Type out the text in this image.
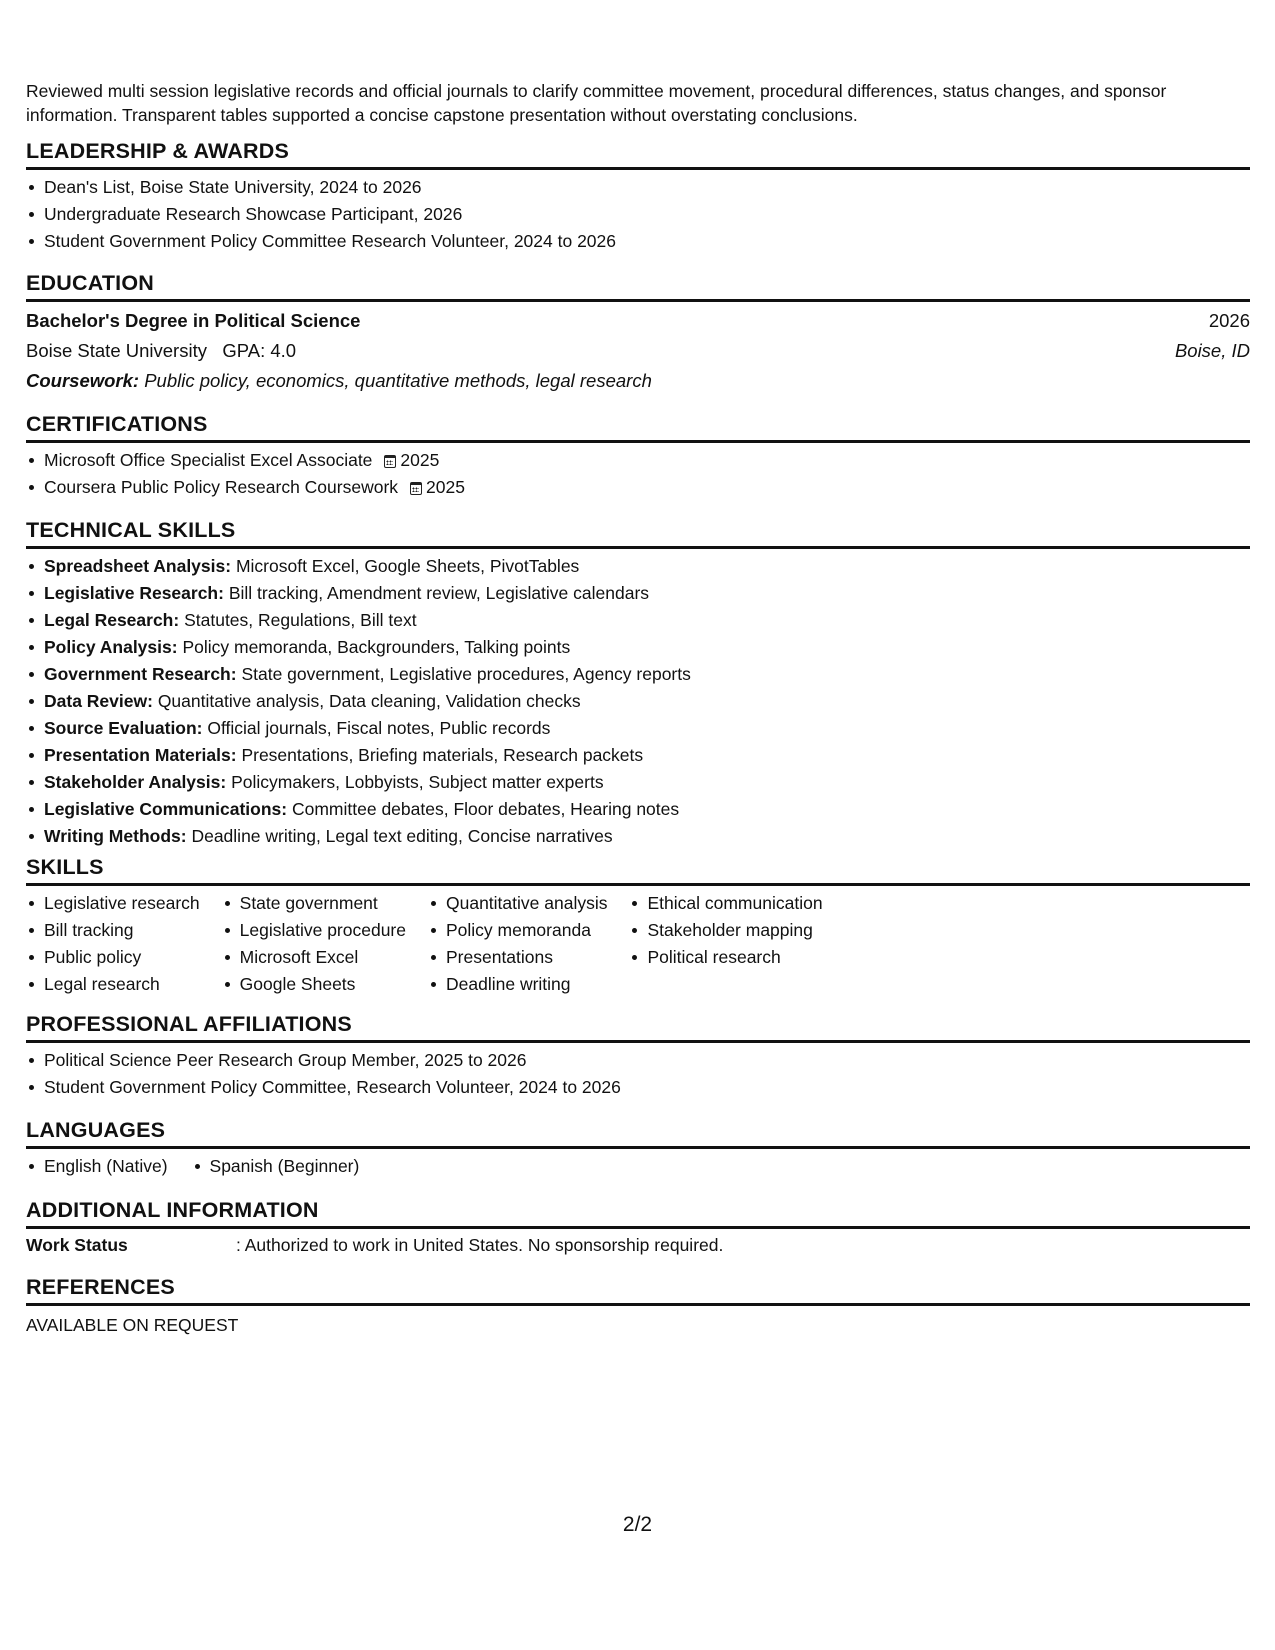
Reviewed multi session legislative records and official journals to clarify committee movement, procedural differences, status changes, and sponsor information. Transparent tables supported a concise capstone presentation without overstating conclusions.
LEADERSHIP & AWARDS
Dean's List, Boise State University, 2024 to 2026
Undergraduate Research Showcase Participant, 2026
Student Government Policy Committee Research Volunteer, 2024 to 2026
EDUCATION
Bachelor's Degree in Political Science	2026
Boise State University GPA: 4.0	Boise, ID
Coursework: Public policy, economics, quantitative methods, legal research
CERTIFICATIONS
Microsoft Office Specialist Excel Associate 2025
Coursera Public Policy Research Coursework 2025
TECHNICAL SKILLS
Spreadsheet Analysis: Microsoft Excel, Google Sheets, PivotTables
Legislative Research: Bill tracking, Amendment review, Legislative calendars
Legal Research: Statutes, Regulations, Bill text
Policy Analysis: Policy memoranda, Backgrounders, Talking points
Government Research: State government, Legislative procedures, Agency reports
Data Review: Quantitative analysis, Data cleaning, Validation checks
Source Evaluation: Official journals, Fiscal notes, Public records
Presentation Materials: Presentations, Briefing materials, Research packets
Stakeholder Analysis: Policymakers, Lobbyists, Subject matter experts
Legislative Communications: Committee debates, Floor debates, Hearing notes
Writing Methods: Deadline writing, Legal text editing, Concise narratives
SKILLS
Legislative research
Bill tracking
Public policy
Legal research
State government
Legislative procedure
Microsoft Excel
Google Sheets
Quantitative analysis
Policy memoranda
Presentations
Deadline writing
Ethical communication
Stakeholder mapping
Political research
PROFESSIONAL AFFILIATIONS
Political Science Peer Research Group Member, 2025 to 2026
Student Government Policy Committee, Research Volunteer, 2024 to 2026
LANGUAGES
English (Native)	Spanish (Beginner)
ADDITIONAL INFORMATION
Work Status	: Authorized to work in United States. No sponsorship required.
REFERENCES
AVAILABLE ON REQUEST
2/2
